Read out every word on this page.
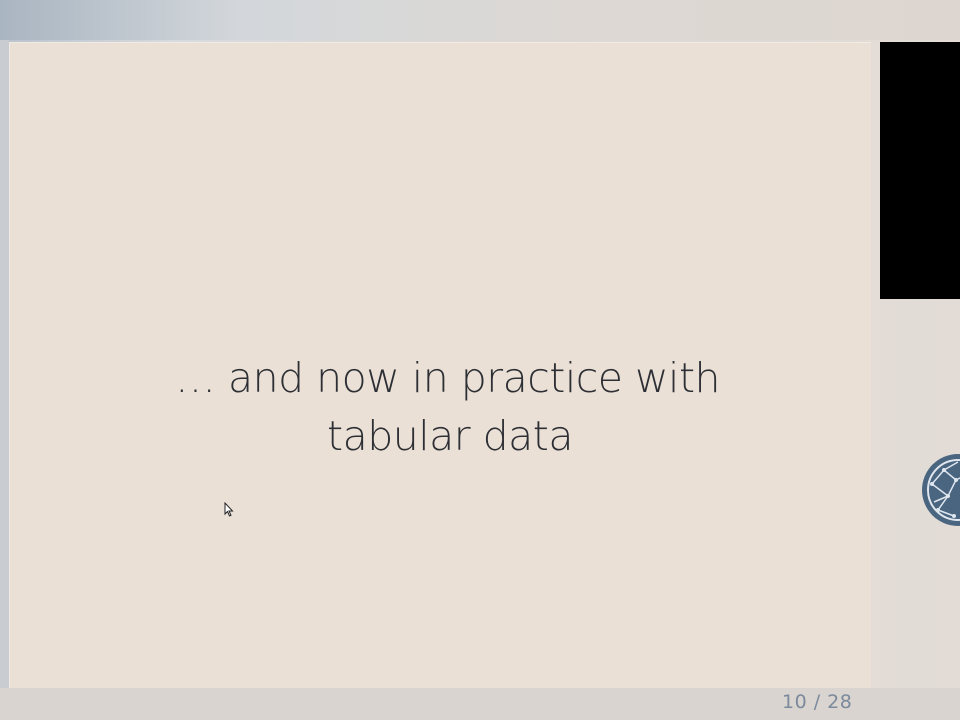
… and now in practice with
tabular data
10 / 28
